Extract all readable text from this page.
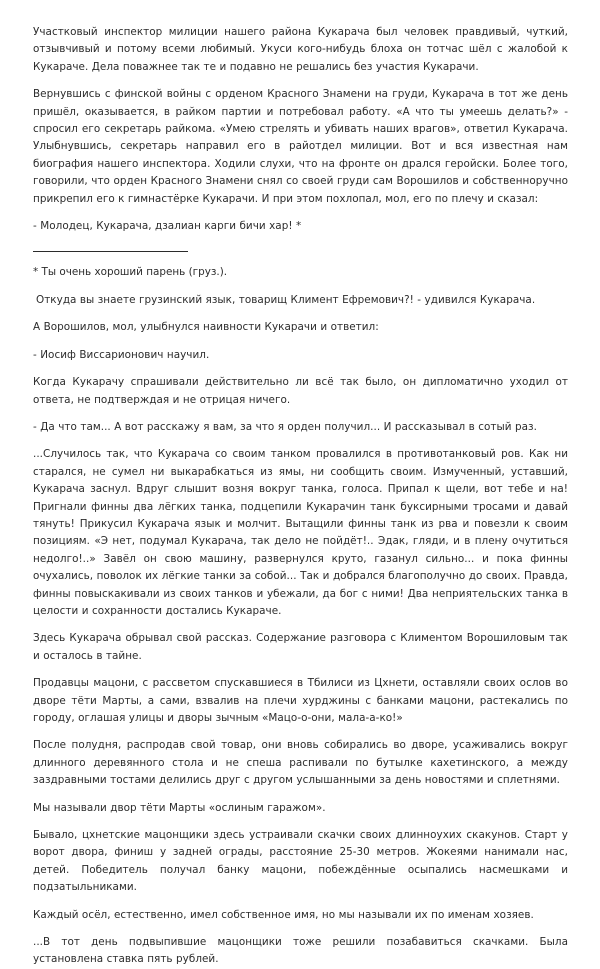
Участковый инспектор милиции нашего района Кукарача был человек правдивый, чуткий, отзывчивый и потому всеми любимый. Укуси кого-нибудь блоха он тотчас шёл с жалобой к Кукараче. Дела поважнее так те и подавно не решались без участия Кукарачи.

Вернувшись с финской войны с орденом Красного Знамени на груди, Кукарача в тот же день пришёл, оказывается, в райком партии и потребовал работу. «А что ты умеешь делать?» - спросил его секретарь райкома. «Умею стрелять и убивать наших врагов», ответил Кукарача. Улыбнувшись, секретарь направил его в райотдел милиции. Вот и вся известная нам биография нашего инспектора. Ходили слухи, что на фронте он дрался геройски. Более того, говорили, что орден Красного Знамени снял со своей груди сам Ворошилов и собственноручно прикрепил его к гимнастёрке Кукарачи. И при этом похлопал, мол, его по плечу и сказал:

- Молодец, Кукарача, дзалиан карги бичи хар! *

* Ты очень хороший парень (груз.).

Откуда вы знаете грузинский язык, товарищ Климент Ефремович?! - удивился Кукарача.

А Ворошилов, мол, улыбнулся наивности Кукарачи и ответил:

- Иосиф Виссарионович научил.

Когда Кукарачу спрашивали действительно ли всё так было, он дипломатично уходил от ответа, не подтверждая и не отрицая ничего.

- Да что там... А вот расскажу я вам, за что я орден получил... И рассказывал в сотый раз.

...Случилось так, что Кукарача со своим танком провалился в противотанковый ров. Как ни старался, не сумел ни выкарабкаться из ямы, ни сообщить своим. Измученный, уставший, Кукарача заснул. Вдруг слышит возня вокруг танка, голоса. Припал к щели, вот тебе и на! Пригнали финны два лёгких танка, подцепили Кукарачин танк буксирными тросами и давай тянуть! Прикусил Кукарача язык и молчит. Вытащили финны танк из рва и повезли к своим позициям. «Э нет, подумал Кукарача, так дело не пойдёт!.. Эдак, гляди, и в плену очутиться недолго!..» Завёл он свою машину, развернулся круто, газанул сильно... и пока финны очухались, поволок их лёгкие танки за собой... Так и добрался благополучно до своих. Правда, финны повыскакивали из своих танков и убежали, да бог с ними! Два неприятельских танка в целости и сохранности достались Кукараче.

Здесь Кукарача обрывал свой рассказ. Содержание разговора с Климентом Ворошиловым так и осталось в тайне.

Продавцы мацони, с рассветом спускавшиеся в Тбилиси из Цхнети, оставляли своих ослов во дворе тёти Марты, а сами, взвалив на плечи хурджины с банками мацони, растекались по городу, оглашая улицы и дворы зычным «Мацо-о-они, мала-а-ко!»

После полудня, распродав свой товар, они вновь собирались во дворе, усаживались вокруг длинного деревянного стола и не спеша распивали по бутылке кахетинского, а между заздравными тостами делились друг с другом услышанными за день новостями и сплетнями.

Мы называли двор тёти Марты «ослиным гаражом».

Бывало, цхнетские мацонщики здесь устраивали скачки своих длинноухих скакунов. Старт у ворот двора, финиш у задней ограды, расстояние 25-30 метров. Жокеями нанимали нас, детей. Победитель получал банку мацони, побеждённые осыпались насмешками и подзатыльниками.

Каждый осёл, естественно, имел собственное имя, но мы называли их по именам хозяев.

...В тот день подвыпившие мацонщики тоже решили позабавиться скачками. Была установлена ставка пять рублей.
